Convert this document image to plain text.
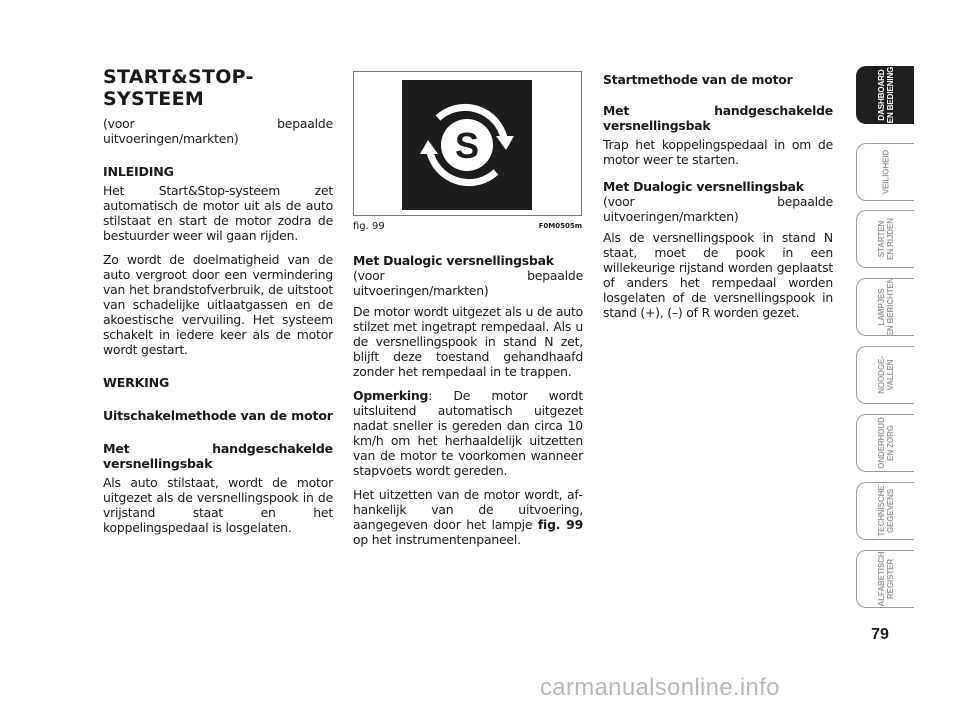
START&STOP-SYSTEEM

(voor bepaalde uitvoeringen/markten)

INLEIDING

Het Start&Stop-systeem zet automatisch de motor uit als de auto stilstaat en start de motor zodra de bestuurder weer wil gaan rijden.

Zo wordt de doelmatigheid van de auto vergroot door een vermindering van het brandstofverbruik, de uitstoot van schadelijke uitlaatgassen en de akoestische vervuiling. Het systeem schakelt in iedere keer als de motor wordt gestart.

WERKING
Uitschakelmethode van de motor
Met handgeschakelde versnellingsbak

Als auto stilstaat, wordt de motor uitgezet als de versnellingspook in de vrijstand staat en het koppelingspedaal is losgelaten.

S
fig. 99	F0M0505m
Met Dualogic versnellingsbak

(voor bepaalde uitvoeringen/markten)

De motor wordt uitgezet als u de auto stilzet met ingetrapt rempedaal. Als u de versnellingspook in stand N zet, blijft deze toestand gehandhaafd zonder het rempedaal in te trappen.

Opmerking: De motor wordt uitsluitend automatisch uitgezet nadat sneller is gereden dan circa 10 km/h om het herhaaldelijk uitzetten van de motor te voorkomen wanneer stapvoets wordt gereden.

Het uitzetten van de motor wordt, afhankelijk van de uitvoering, aangegeven door het lampje fig. 99 op het instrumentenpaneel.

Startmethode van de motor
Met handgeschakelde versnellingsbak

Trap het koppelingspedaal in om de motor weer te starten.

Met Dualogic versnellingsbak

(voor bepaalde uitvoeringen/markten)

Als de versnellingspook in stand N staat, moet de pook in een willekeurige rijstand worden geplaatst of anders het rempedaal worden losgelaten of de versnellingspook in stand (+), (–) of R worden gezet.

DASHBOARD EN BEDIENING
VEILIGHEID
STARTEN EN RIJDEN
LAMPJES EN BERICHTEN
NOODGE- VALLEN
ONDERHOUD EN ZORG
TECHNISCHE GEGEVENS
ALFABETISCH REGISTER
79
carmanualsonline.info
